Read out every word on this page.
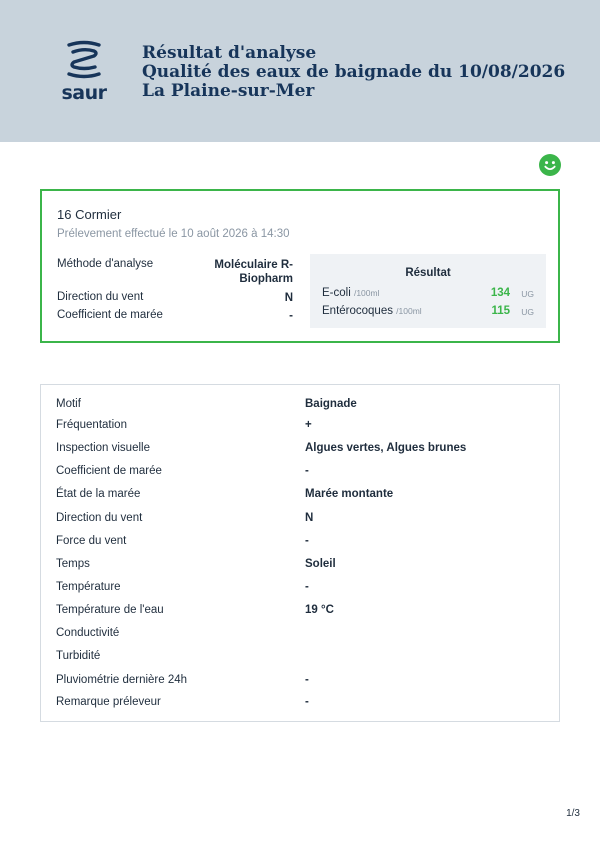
saur
Résultat d'analyse
Qualité des eaux de baignade du 10/08/2026
La Plaine-sur-Mer
16 Cormier
Prélevement effectué le 10 août 2026 à 14:30
Méthode d'analyse	Moléculaire R-
Biopharm
Direction du vent	N
Coefficient de marée	-
Résultat
E-coli /100ml	134 UG
Entérocoques /100ml	115 UG
Motif	Baignade
Fréquentation	+
Inspection visuelle	Algues vertes, Algues brunes
Coefficient de marée	-
État de la marée	Marée montante
Direction du vent	N
Force du vent	-
Temps	Soleil
Température	-
Température de l'eau	19 °C
Conductivité
Turbidité
Pluviométrie dernière 24h	-
Remarque préleveur	-
1/3
